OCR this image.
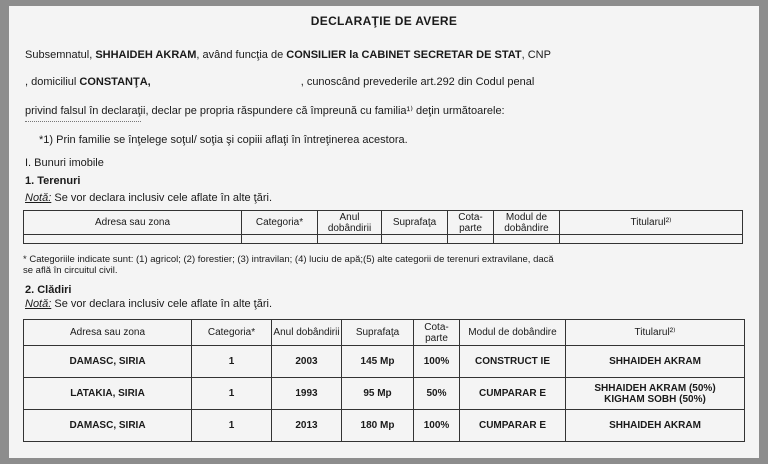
DECLARAŢIE DE AVERE
Subsemnatul, SHHAIDEH AKRAM, având funcţia de CONSILIER la CABINET SECRETAR DE STAT, CNP
, domiciliul CONSTANŢA,	, cunoscând prevederile art.292 din Codul penal
privind falsul în declaraţii, declar pe propria răspundere că împreună cu familia¹⁾ deţin următoarele:
*1) Prin familie se înţelege soţul/ soţia şi copiii aflaţi în întreţinerea acestora.
I. Bunuri imobile
1. Terenuri
Notă: Se vor declara inclusiv cele aflate în alte ţări.
Adresa sau zona	Categoria*	Anul dobândirii	Suprafaţa	Cota-parte	Modul de dobândire	Titularul²⁾

* Categoriile indicate sunt: (1) agricol; (2) forestier; (3) intravilan; (4) luciu de apă;(5) alte categorii de terenuri extravilane, dacă
se află în circuitul civil.
2. Clădiri
Notă: Se vor declara inclusiv cele aflate în alte ţări.
Adresa sau zona	Categoria*	Anul dobândirii	Suprafaţa	Cota-parte	Modul de dobândire	Titularul²⁾
DAMASC, SIRIA	1	2003	145 Mp	100%	CONSTRUCT IE	SHHAIDEH AKRAM

LATAKIA, SIRIA	1	1993	95 Mp	50%	CUMPARAR E	SHHAIDEH AKRAM (50%)
KIGHAM SOBH (50%)

DAMASC, SIRIA	1	2013	180 Mp	100%	CUMPARAR E	SHHAIDEH AKRAM
